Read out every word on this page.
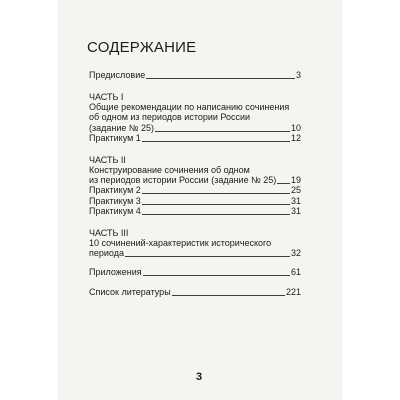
СОДЕРЖАНИЕ
Предисловие	3
ЧАСТЬ I
Общие рекомендации по написанию сочинения
об одном из периодов истории России
(задание № 25)	10
Практикум 1	12
ЧАСТЬ II
Конструирование сочинения об одном
из периодов истории России (задание № 25) 19
Практикум 2	25
Практикум 3	31
Практикум 4	31
ЧАСТЬ III
10 сочинений-характеристик исторического
периода	32
Приложения	61
Список литературы	221
3
